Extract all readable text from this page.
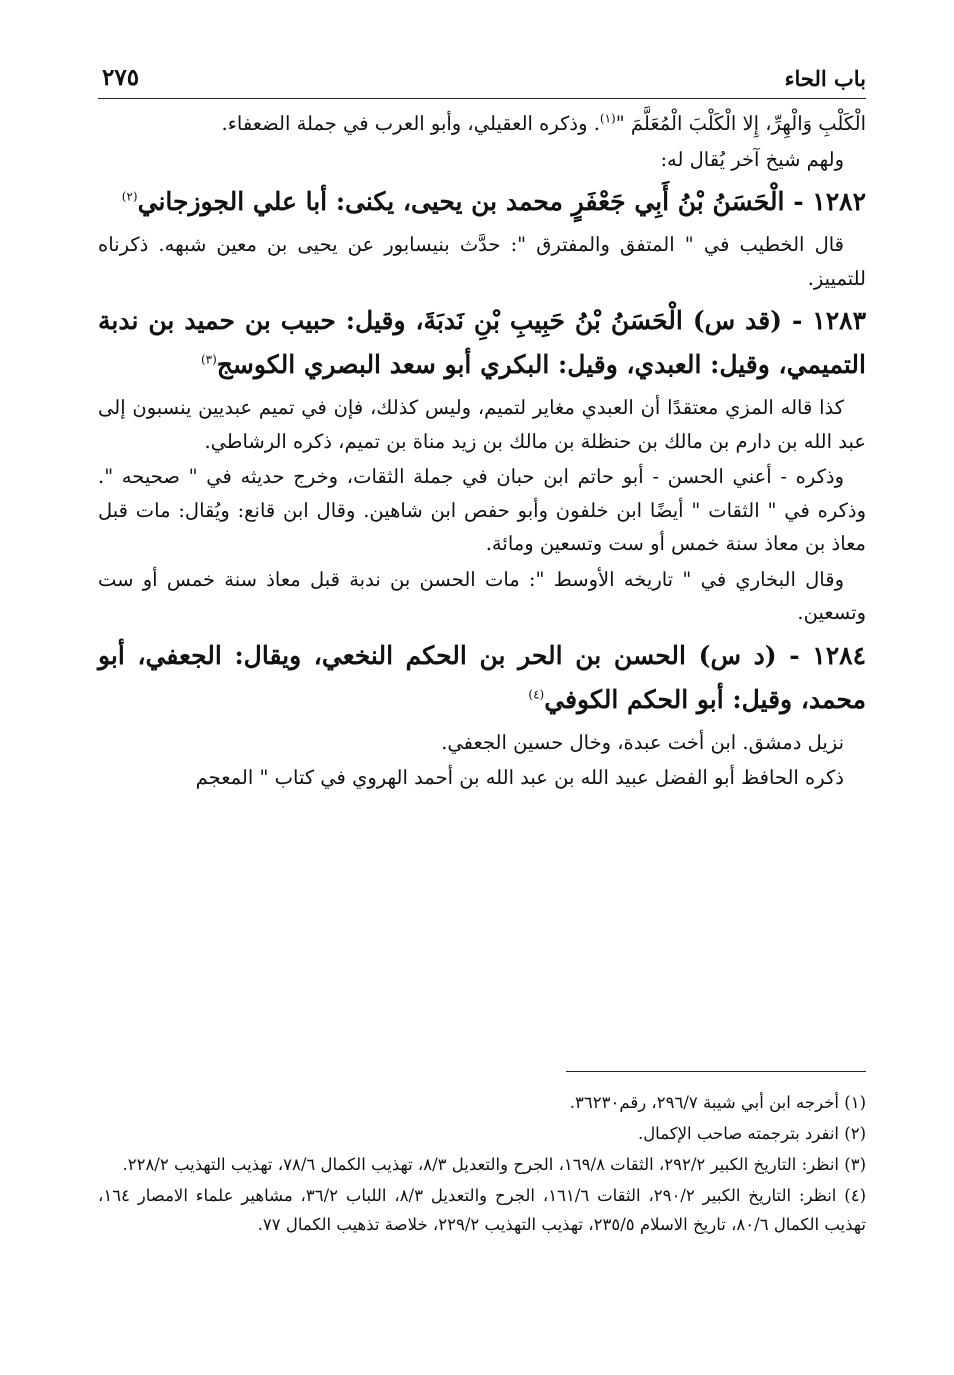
باب الحاء
٢٧٥

الْكَلْبِ وَالْهِرِّ، إِلا الْكَلْبَ الْمُعَلَّمَ "$^{(١)}$. وذكره العقيلي، وأبو العرب في جملة الضعفاء.

ولهم شيخ آخر يُقال له:

١٢٨٢ - الْحَسَنُ بْنُ أَبِي جَعْفَرٍ محمد بن يحيى، يكنى: أبا علي الجوزجاني$^{(٢)}$

قال الخطيب في " المتفق والمفترق ": حدَّث بنيسابور عن يحيى بن معين شبهه. ذكرناه للتمييز.

١٢٨٣ - (قد س) الْحَسَنُ بْنُ حَبِيبِ بْنِ نَدبَةَ، وقيل: حبيب بن حميد بن ندبة التميمي، وقيل: العبدي، وقيل: البكري أبو سعد البصري الكوسج$^{(٣)}$

كذا قاله المزي معتقدًا أن العبدي مغاير لتميم، وليس كذلك، فإن في تميم عبديين ينسبون إلى عبد الله بن دارم بن مالك بن حنظلة بن مالك بن زيد مناة بن تميم، ذكره الرشاطي.

وذكره - أعني الحسن - أبو حاتم ابن حبان في جملة الثقات، وخرج حديثه في " صحيحه ". وذكره في " الثقات " أيضًا ابن خلفون وأبو حفص ابن شاهين. وقال ابن قانع: ويُقال: مات قبل معاذ بن معاذ سنة خمس أو ست وتسعين ومائة.

وقال البخاري في " تاريخه الأوسط ": مات الحسن بن ندبة قبل معاذ سنة خمس أو ست وتسعين.

١٢٨٤ - (د س) الحسن بن الحر بن الحكم النخعي، ويقال: الجعفي، أبو محمد، وقيل: أبو الحكم الكوفي$^{(٤)}$

نزيل دمشق. ابن أخت عبدة، وخال حسين الجعفي.

ذكره الحافظ أبو الفضل عبيد الله بن عبد الله بن أحمد الهروي في كتاب " المعجم

(١) أخرجه ابن أبي شيبة ٢٩٦/٧، رقم٣٦٢٣٠.

(٢) انفرد بترجمته صاحب الإكمال.

(٣) انظر: التاريخ الكبير ٢٩٢/٢، الثقات ١٦٩/٨، الجرح والتعديل ٨/٣، تهذيب الكمال ٧٨/٦، تهذيب التهذيب ٢٢٨/٢.

(٤) انظر: التاريخ الكبير ٢٩٠/٢، الثقات ١٦١/٦، الجرح والتعديل ٨/٣، اللباب ٣٦/٢، مشاهير علماء الامصار ١٦٤، تهذيب الكمال ٨٠/٦، تاريخ الاسلام ٢٣٥/٥، تهذيب التهذيب ٢٢٩/٢، خلاصة تذهيب الكمال ٧٧.
